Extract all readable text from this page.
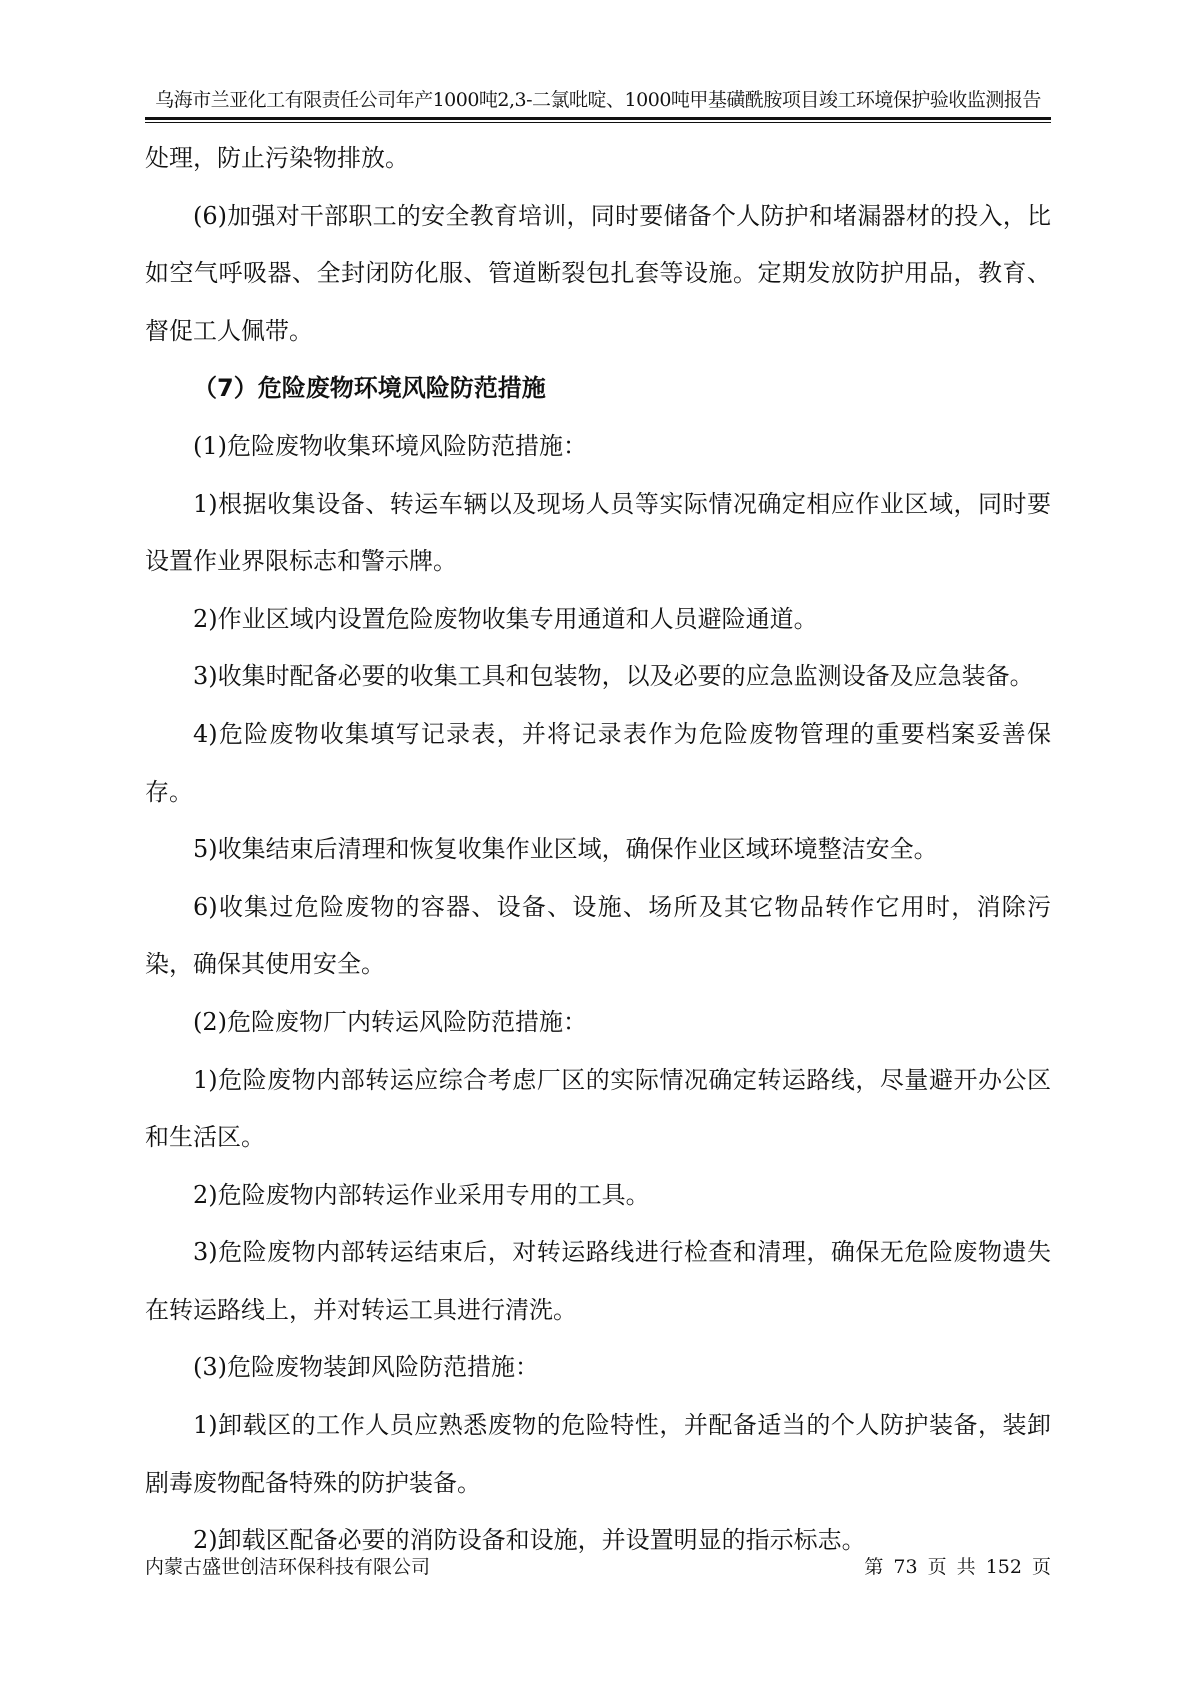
乌海市兰亚化工有限责任公司年产1000吨2,3-二氯吡啶、1000吨甲基磺酰胺项目竣工环境保护验收监测报告

处理，防止污染物排放。

(6)加强对干部职工的安全教育培训，同时要储备个人防护和堵漏器材的投入，比如空气呼吸器、全封闭防化服、管道断裂包扎套等设施。定期发放防护用品，教育、督促工人佩带。

（7）危险废物环境风险防范措施

(1)危险废物收集环境风险防范措施：

1)根据收集设备、转运车辆以及现场人员等实际情况确定相应作业区域，同时要设置作业界限标志和警示牌。

2)作业区域内设置危险废物收集专用通道和人员避险通道。

3)收集时配备必要的收集工具和包装物，以及必要的应急监测设备及应急装备。

4)危险废物收集填写记录表，并将记录表作为危险废物管理的重要档案妥善保存。

5)收集结束后清理和恢复收集作业区域，确保作业区域环境整洁安全。

6)收集过危险废物的容器、设备、设施、场所及其它物品转作它用时，消除污染，确保其使用安全。

(2)危险废物厂内转运风险防范措施：

1)危险废物内部转运应综合考虑厂区的实际情况确定转运路线，尽量避开办公区和生活区。

2)危险废物内部转运作业采用专用的工具。

3)危险废物内部转运结束后，对转运路线进行检查和清理，确保无危险废物遗失在转运路线上，并对转运工具进行清洗。

(3)危险废物装卸风险防范措施：

1)卸载区的工作人员应熟悉废物的危险特性，并配备适当的个人防护装备，装卸剧毒废物配备特殊的防护装备。

2)卸载区配备必要的消防设备和设施，并设置明显的指示标志。

内蒙古盛世创洁环保科技有限公司	第 73 页 共 152 页
